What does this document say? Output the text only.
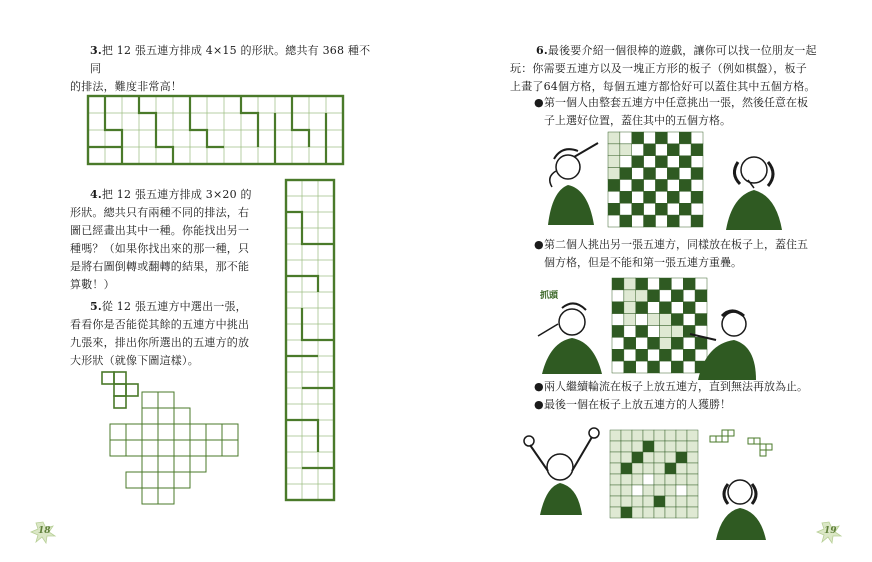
3.把 12 張五連方排成 4×15 的形狀。總共有 368 種不同
的排法，難度非常高！
4.把 12 張五連方排成 3×20 的
形狀。總共只有兩種不同的排法，右
圖已經畫出其中一種。你能找出另一
種嗎？（如果你找出來的那一種，只
是將右圖倒轉或翻轉的結果，那不能
算數！）
5.從 12 張五連方中選出一張，
看看你是否能從其餘的五連方中挑出
九張來，排出你所選出的五連方的放
大形狀（就像下圖這樣）。
18
6.最後要介紹一個很棒的遊戲，讓你可以找一位朋友一起
玩：你需要五連方以及一塊正方形的板子（例如棋盤），板子
上畫了64個方格，每個五連方都恰好可以蓋住其中五個方格。
●第一個人由整套五連方中任意挑出一張，然後任意在板
子上選好位置，蓋住其中的五個方格。
●第二個人挑出另一張五連方，同樣放在板子上，蓋住五
個方格，但是不能和第一張五連方重疊。
抓頭
●兩人繼續輪流在板子上放五連方，直到無法再放為止。
●最後一個在板子上放五連方的人獲勝！
19
